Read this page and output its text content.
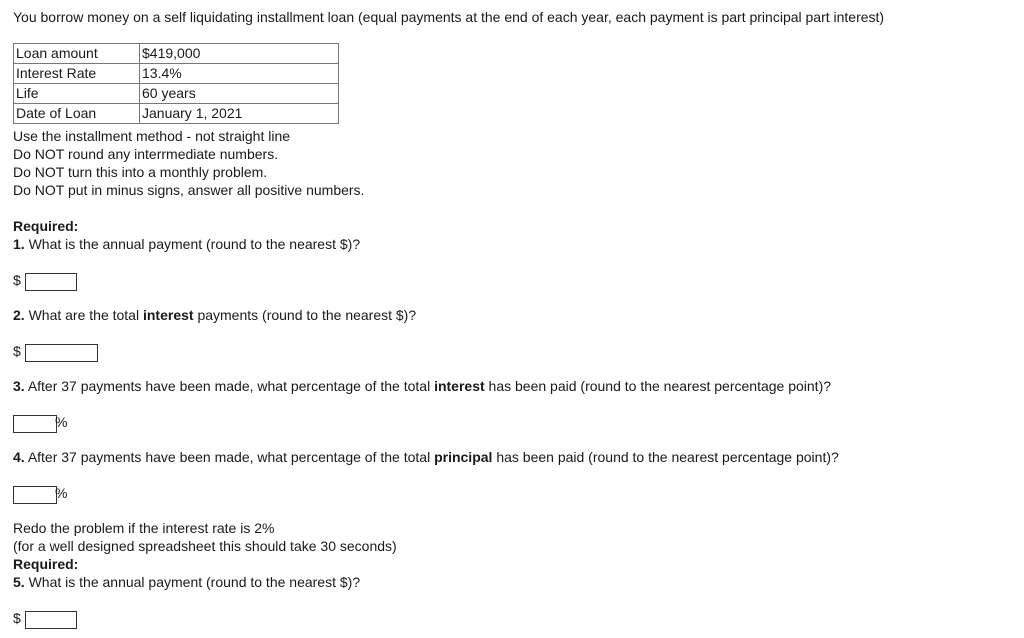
You borrow money on a self liquidating installment loan (equal payments at the end of each year, each payment is part principal part interest)
Loan amount	$419,000
Interest Rate	13.4%
Life	60 years
Date of Loan	January 1, 2021
Use the installment method - not straight line
Do NOT round any interrmediate numbers.
Do NOT turn this into a monthly problem.
Do NOT put in minus signs, answer all positive numbers.
Required:
1. What is the annual payment (round to the nearest $)?
$
2. What are the total interest payments (round to the nearest $)?
$
3. After 37 payments have been made, what percentage of the total interest has been paid (round to the nearest percentage point)?
%
4. After 37 payments have been made, what percentage of the total principal has been paid (round to the nearest percentage point)?
%
Redo the problem if the interest rate is 2%
(for a well designed spreadsheet this should take 30 seconds)
Required:
5. What is the annual payment (round to the nearest $)?
$
